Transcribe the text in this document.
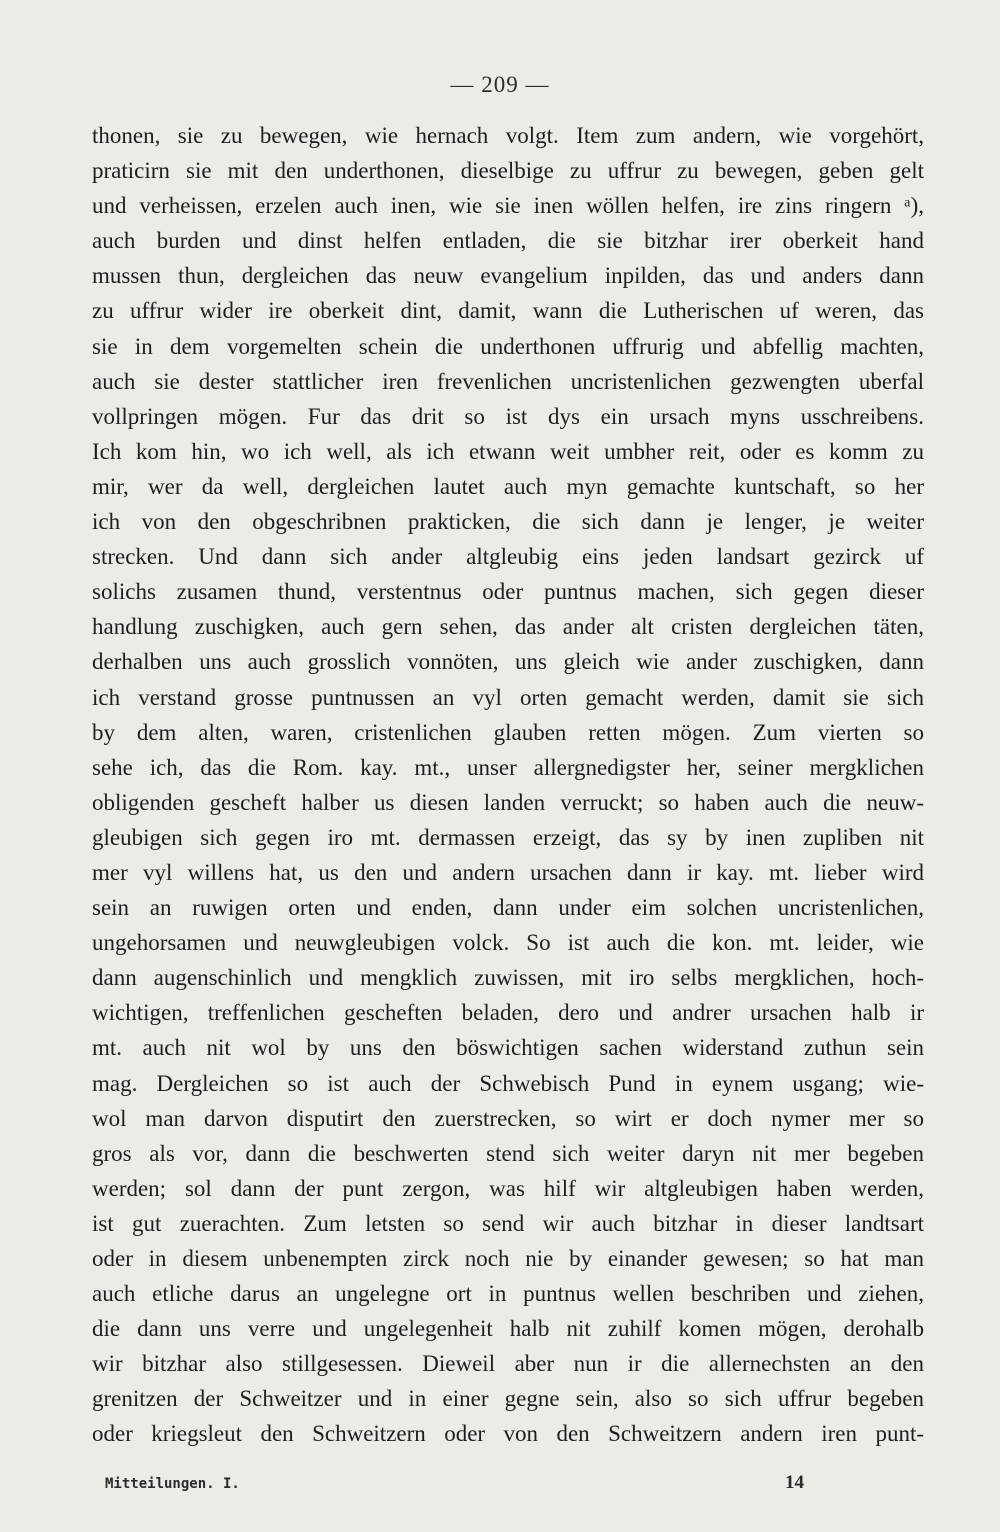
— 209 —
thonen, sie zu bewegen, wie hernach volgt. Item zum andern, wie vorgehört,
praticirn sie mit den underthonen, dieselbige zu uffrur zu bewegen, geben gelt
und verheissen, erzelen auch inen, wie sie inen wöllen helfen, ire zins ringern ᵃ),
auch burden und dinst helfen entladen, die sie bitzhar irer oberkeit hand
mussen thun, dergleichen das neuw evangelium inpilden, das und anders dann
zu uffrur wider ire oberkeit dint, damit, wann die Lutherischen uf weren, das
sie in dem vorgemelten schein die underthonen uffrurig und abfellig machten,
auch sie dester stattlicher iren frevenlichen uncristenlichen gezwengten uberfal
vollpringen mögen. Fur das drit so ist dys ein ursach myns usschreibens.
Ich kom hin, wo ich well, als ich etwann weit umbher reit, oder es komm zu
mir, wer da well, dergleichen lautet auch myn gemachte kuntschaft, so her
ich von den obgeschribnen prakticken, die sich dann je lenger, je weiter
strecken. Und dann sich ander altgleubig eins jeden landsart gezirck uf
solichs zusamen thund, verstentnus oder puntnus machen, sich gegen dieser
handlung zuschigken, auch gern sehen, das ander alt cristen dergleichen täten,
derhalben uns auch grosslich vonnöten, uns gleich wie ander zuschigken, dann
ich verstand grosse puntnussen an vyl orten gemacht werden, damit sie sich
by dem alten, waren, cristenlichen glauben retten mögen. Zum vierten so
sehe ich, das die Rom. kay. mt., unser allergnedigster her, seiner mergklichen
obligenden gescheft halber us diesen landen verruckt; so haben auch die neuw-
gleubigen sich gegen iro mt. dermassen erzeigt, das sy by inen zupliben nit
mer vyl willens hat, us den und andern ursachen dann ir kay. mt. lieber wird
sein an ruwigen orten und enden, dann under eim solchen uncristenlichen,
ungehorsamen und neuwgleubigen volck. So ist auch die kon. mt. leider, wie
dann augenschinlich und mengklich zuwissen, mit iro selbs mergklichen, hoch-
wichtigen, treffenlichen gescheften beladen, dero und andrer ursachen halb ir
mt. auch nit wol by uns den böswichtigen sachen widerstand zuthun sein
mag. Dergleichen so ist auch der Schwebisch Pund in eynem usgang; wie-
wol man darvon disputirt den zuerstrecken, so wirt er doch nymer mer so
gros als vor, dann die beschwerten stend sich weiter daryn nit mer begeben
werden; sol dann der punt zergon, was hilf wir altgleubigen haben werden,
ist gut zuerachten. Zum letsten so send wir auch bitzhar in dieser landtsart
oder in diesem unbenempten zirck noch nie by einander gewesen; so hat man
auch etliche darus an ungelegne ort in puntnus wellen beschriben und ziehen,
die dann uns verre und ungelegenheit halb nit zuhilf komen mögen, derohalb
wir bitzhar also stillgesessen. Dieweil aber nun ir die allernechsten an den
grenitzen der Schweitzer und in einer gegne sein, also so sich uffrur begeben
oder kriegsleut den Schweitzern oder von den Schweitzern andern iren punt-
Mitteilungen. I.	14
